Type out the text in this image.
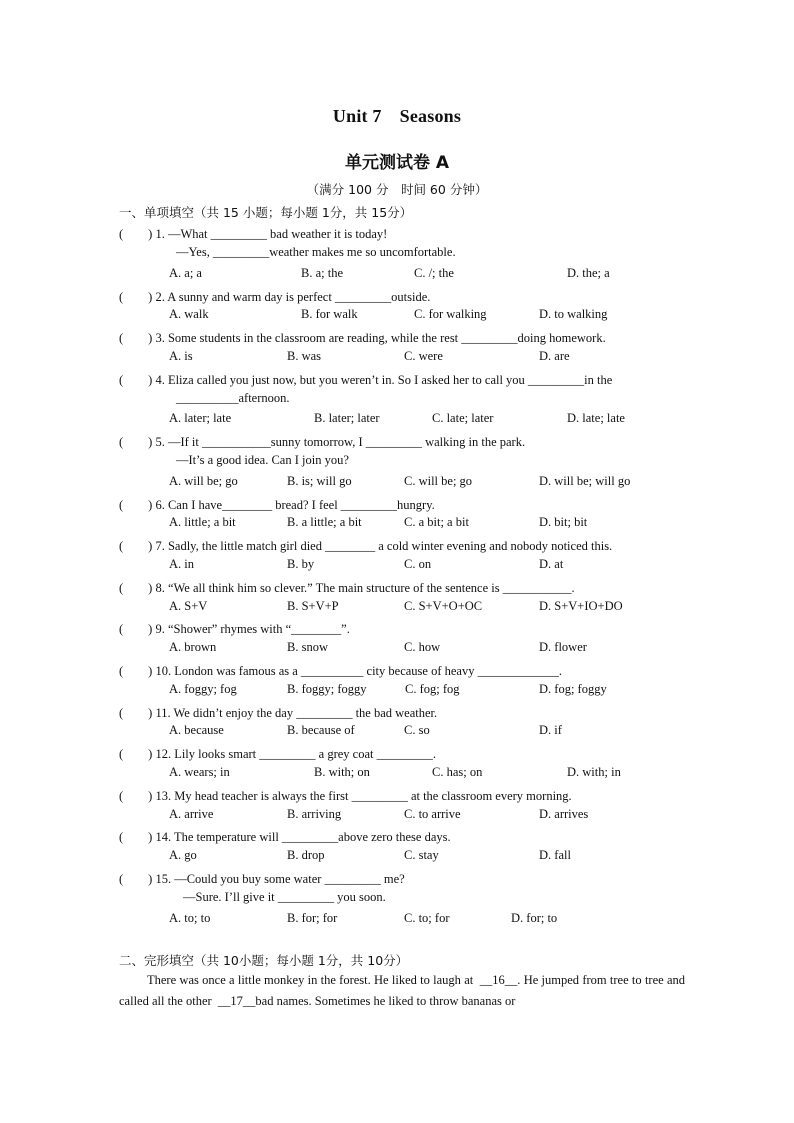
Unit 7 Seasons
单元测试卷 A
（满分 100 分　时间 60 分钟）
一、单项填空（共 15 小题；每小题 1分，共 15分）
(　　) 1. —What _________ bad weather it is today!
—Yes, _________weather makes me so uncomfortable.
A. a; a	B. a; the	C. /; the	D. the; a
(　　) 2. A sunny and warm day is perfect _________outside.
A. walk	B. for walk	C. for walking	D. to walking
(　　) 3. Some students in the classroom are reading, while the rest _________doing homework.
A. is	B. was	C. were	D. are
(　　) 4. Eliza called you just now, but you weren’t in. So I asked her to call you _________in the
__________afternoon.
A. later; late	B. later; later	C. late; later	D. late; late
(　　) 5. —If it ___________sunny tomorrow, I _________ walking in the park.
—It’s a good idea. Can I join you?
A. will be; go	B. is; will go	C. will be; go	D. will be; will go
(　　) 6. Can I have________ bread? I feel _________hungry.
A. little; a bit	B. a little; a bit	C. a bit; a bit	D. bit; bit
(　　) 7. Sadly, the little match girl died ________ a cold winter evening and nobody noticed this.
A. in	B. by	C. on	D. at
(　　) 8. “We all think him so clever.” The main structure of the sentence is ___________.
A. S+V	B. S+V+P	C. S+V+O+OC	D. S+V+IO+DO
(　　) 9. “Shower” rhymes with “________”.
A. brown	B. snow	C. how	D. flower
(　　) 10. London was famous as a __________ city because of heavy _____________.
A. foggy; fog	B. foggy; foggy	C. fog; fog	D. fog; foggy
(　　) 11. We didn’t enjoy the day _________ the bad weather.
A. because	B. because of	C. so	D. if
(　　) 12. Lily looks smart _________ a grey coat _________.
A. wears; in	B. with; on	C. has; on	D. with; in
(　　) 13. My head teacher is always the first _________ at the classroom every morning.
A. arrive	B. arriving	C. to arrive	D. arrives
(　　) 14. The temperature will _________above zero these days.
A. go	B. drop	C. stay	D. fall
(　　) 15. —Could you buy some water _________ me?
—Sure. I’ll give it _________ you soon.
A. to; to	B. for; for	C. to; for	D. for; to
二、完形填空（共 10小题；每小题 1分，共 10分）
There was once a little monkey in the forest. He liked to laugh at __16__. He jumped from tree to tree and called all the other __17__bad names. Sometimes he liked to throw bananas or
